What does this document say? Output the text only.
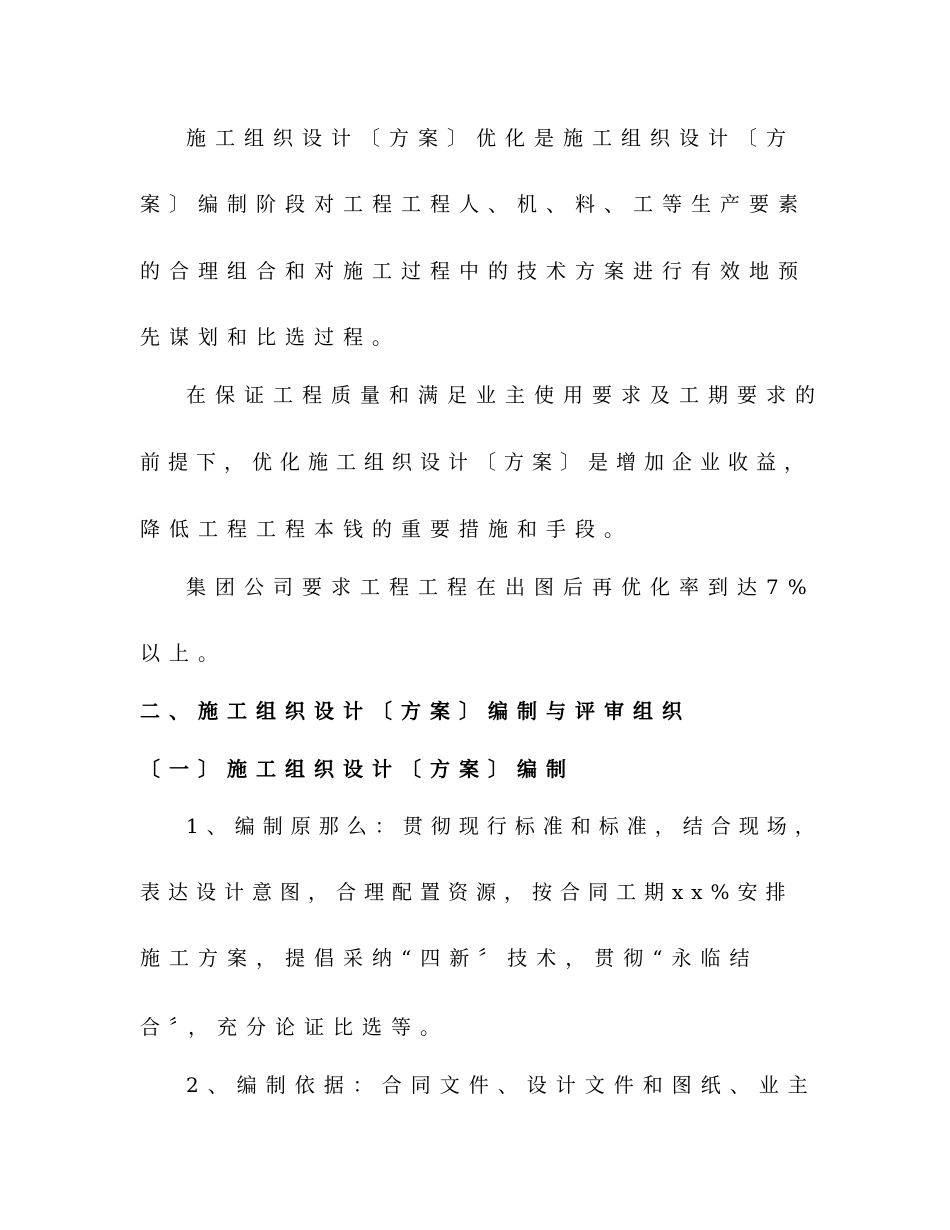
施工组织设计〔方案〕优化是施工组织设计〔方
案〕编制阶段对工程工程人、机、料、工等生产要素
的合理组合和对施工过程中的技术方案进行有效地预
先谋划和比选过程。
在保证工程质量和满足业主使用要求及工期要求的
前提下，优化施工组织设计〔方案〕是增加企业收益，
降低工程工程本钱的重要措施和手段。
集团公司要求工程工程在出图后再优化率到达7%
以上。
二、施工组织设计〔方案〕编制与评审组织
〔一〕施工组织设计〔方案〕编制
1、编制原那么：贯彻现行标准和标准，结合现场，
表达设计意图，合理配置资源，按合同工期xx%安排
施工方案，提倡采纳“四新〞技术，贯彻“永临结
合〞，充分论证比选等。
2、编制依据：合同文件、设计文件和图纸、业主
